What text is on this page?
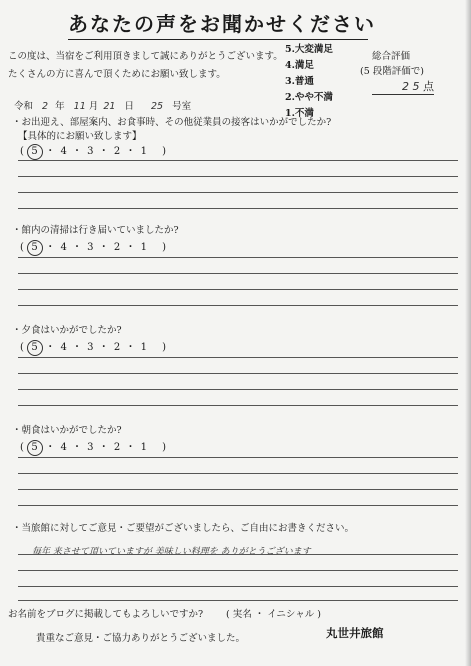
あなたの声をお聞かせください
この度は、当宿をご利用頂きまして誠にありがとうございます。
たくさんの方に喜んで頂くためにお願い致します。
5.大変満足
4.満足
3.普通
2.やや不満
1.不満
総合評価
(5 段階評価で)
2 5 点
令和 2 年 11 月 21 日 25 号室
・お出迎え、部屋案内、お食事時、その他従業員の接客はいかがでしたか?
【具体的にお願い致します】
( 5 ・ 4 ・ 3 ・ 2 ・ 1 )
・館内の清掃は行き届いていましたか?
( 5 ・ 4 ・ 3 ・ 2 ・ 1 )
・夕食はいかがでしたか?
( 5 ・ 4 ・ 3 ・ 2 ・ 1 )
・朝食はいかがでしたか?
( 5 ・ 4 ・ 3 ・ 2 ・ 1 )
・当旅館に対してご意見・ご要望がございましたら、ご自由にお書きください。
毎年 来させて頂いていますが 美味しい料理を ありがとうございます
お名前をブログに掲載してもよろしいですか? ( 実名 ・ イニシャル )
貴重なご意見・ご協力ありがとうございました。	丸世井旅館
